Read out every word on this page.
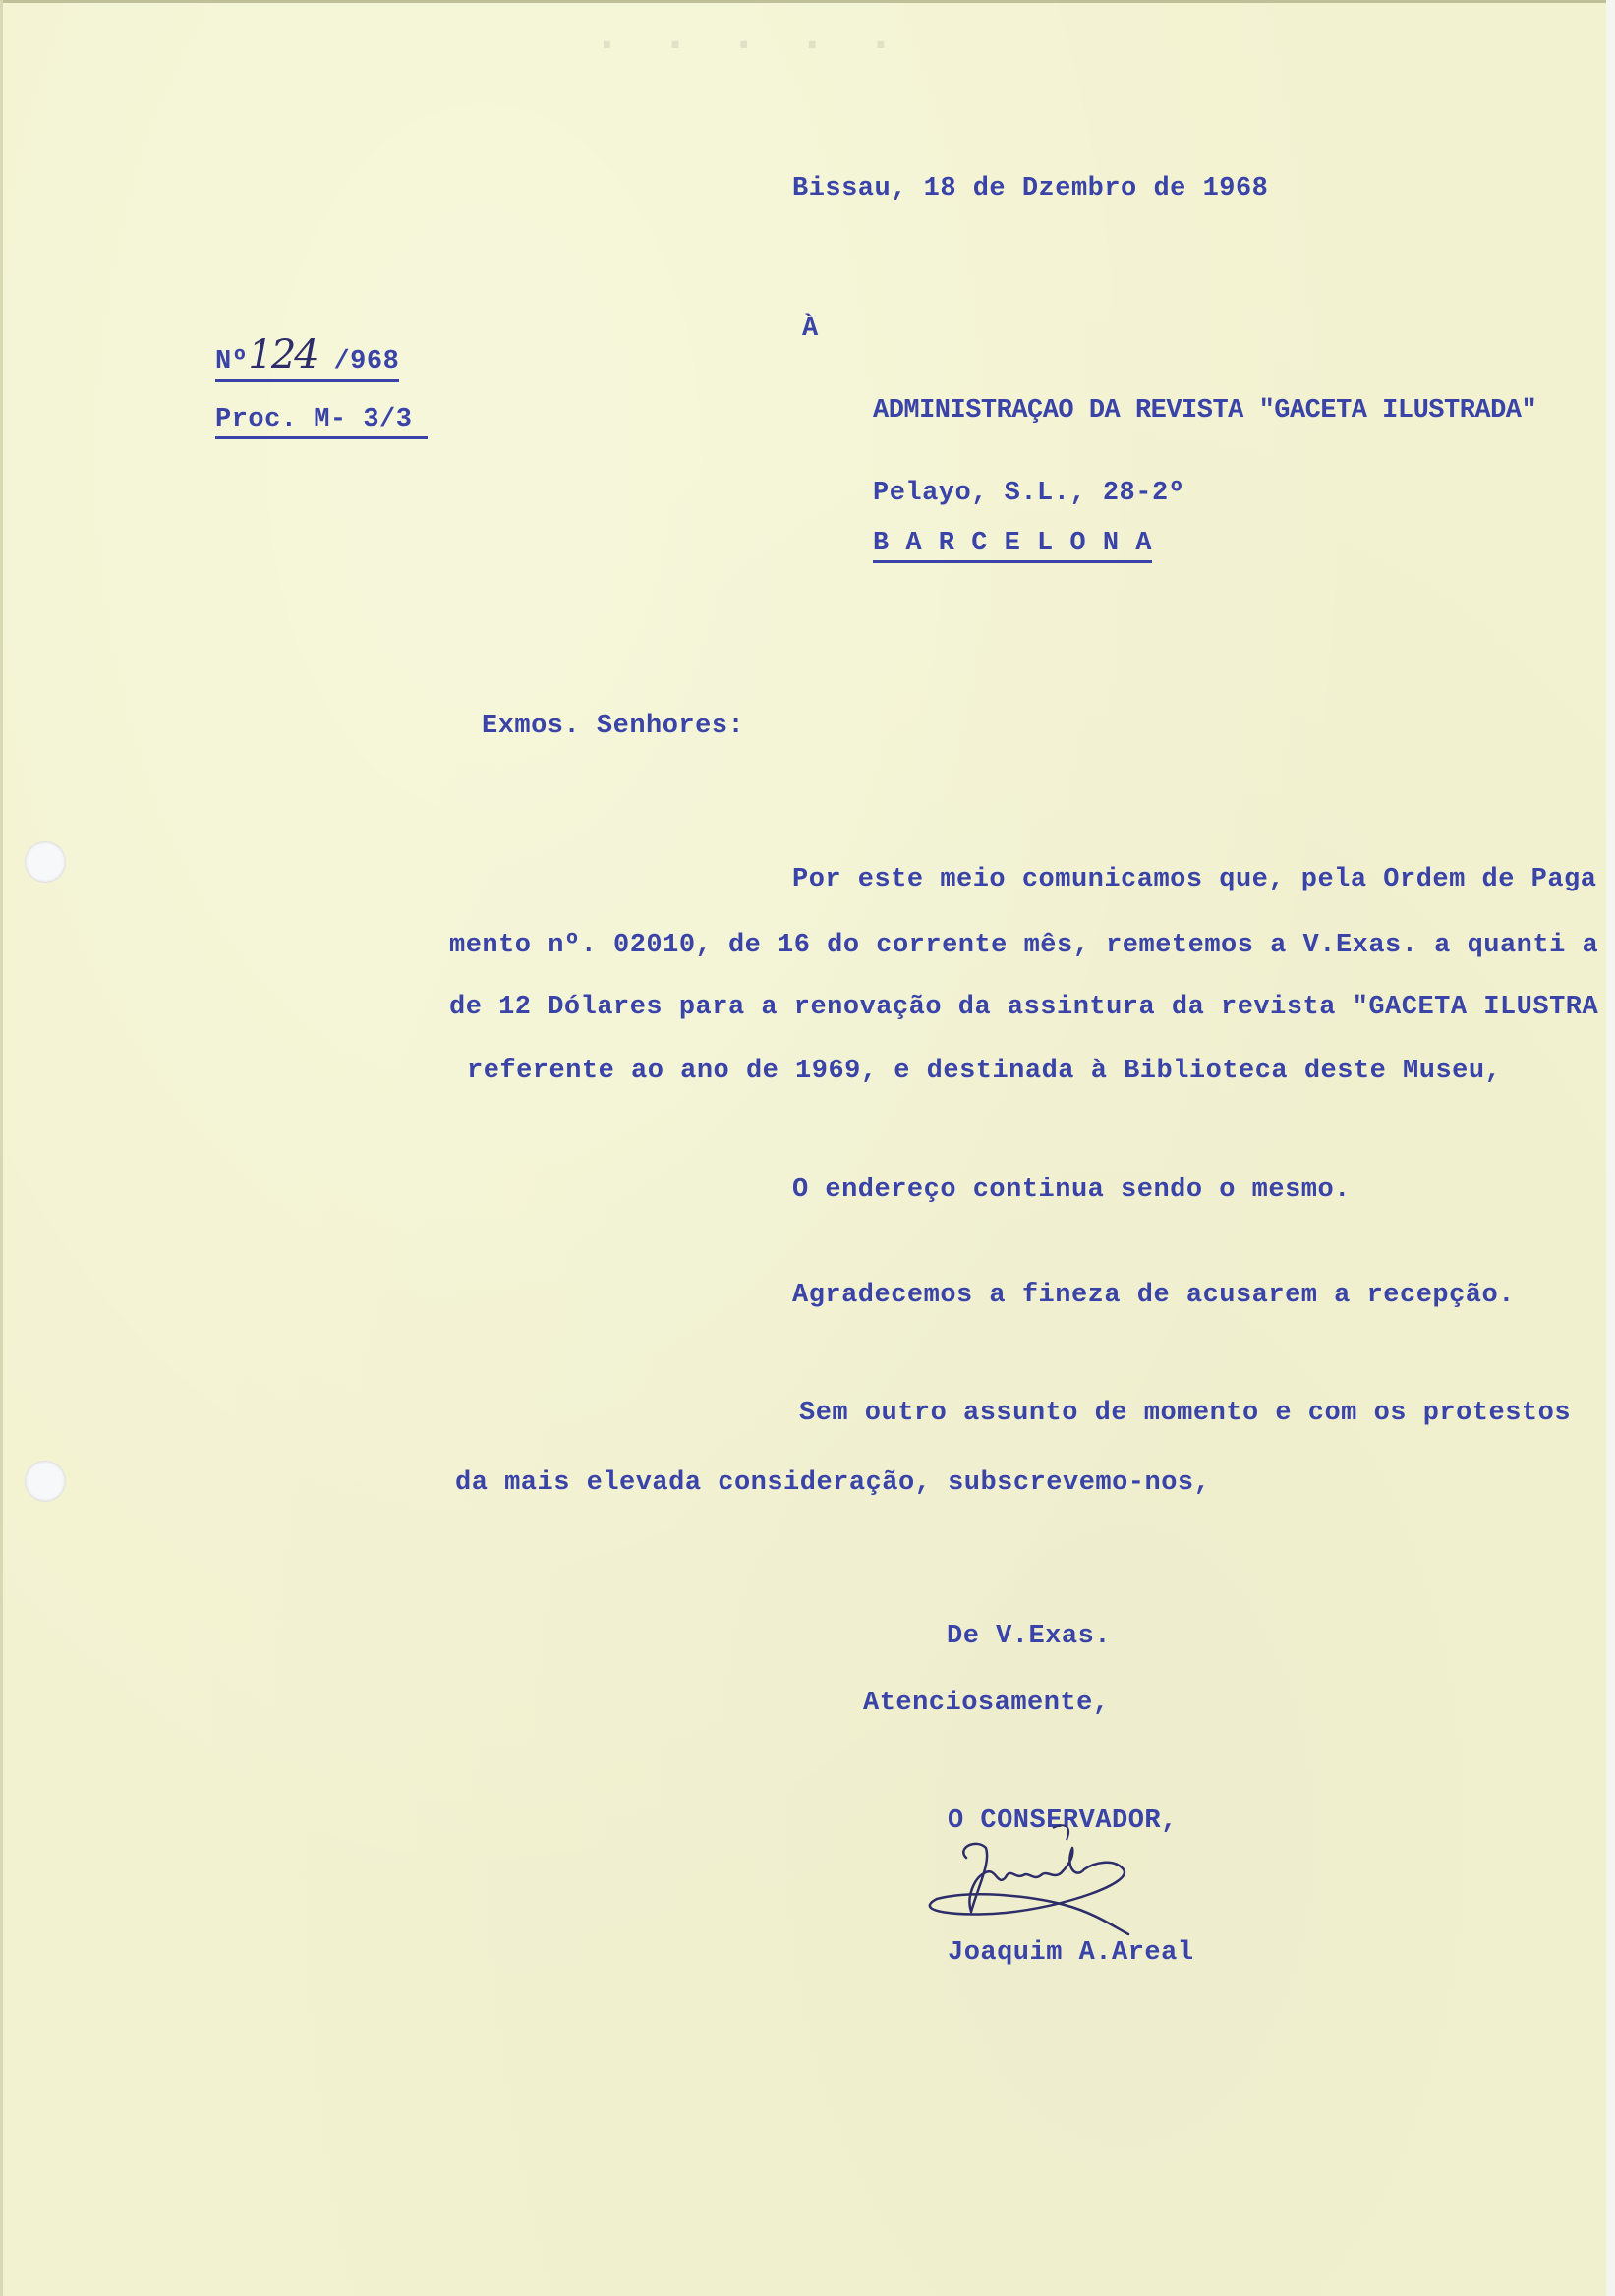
· · · · ·
Bissau, 18 de Dzembro de 1968
Nº124 /968
Proc. M- 3/3
À
ADMINISTRAÇAO DA REVISTA "GACETA ILUSTRADA"
Pelayo, S.L., 28-2º
B A R C E L O N A
Exmos. Senhores:
Por este meio comunicamos que, pela Ordem de Paga
mento nº. 02010, de 16 do corrente mês, remetemos a V.Exas. a quanti a
de 12 Dólares para a renovação da assintura da revista "GACETA ILUSTRA
referente ao ano de 1969, e destinada à Biblioteca deste Museu,
O endereço continua sendo o mesmo.
Agradecemos a fineza de acusarem a recepção.
Sem outro assunto de momento e com os protestos
da mais elevada consideração, subscrevemo-nos,
De V.Exas.
Atenciosamente,
O CONSERVADOR,
Joaquim A.Areal
